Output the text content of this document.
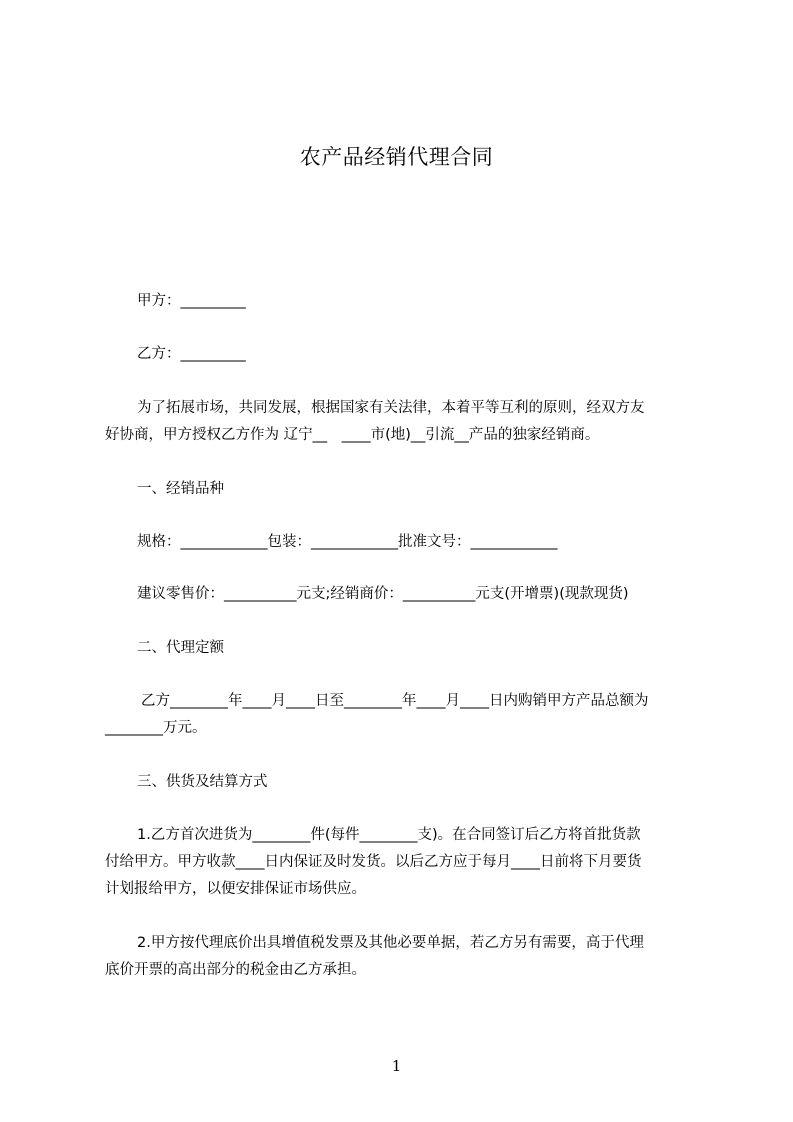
农产品经销代理合同
甲方：_________
乙方：_________
为了拓展市场，共同发展，根据国家有关法律，本着平等互利的原则，经双方友
好协商，甲方授权乙方作为 辽宁__　____市(地)__引流__产品的独家经销商。
一、经销品种
规格：____________包装：____________批准文号：____________
建议零售价：__________元支;经销商价：__________元支(开增票)(现款现货)
二、代理定额
乙方________年____月____日至________年____月____日内购销甲方产品总额为
________万元。
三、供货及结算方式
1.乙方首次进货为________件(每件________支)。在合同签订后乙方将首批货款
付给甲方。甲方收款____日内保证及时发货。以后乙方应于每月____日前将下月要货
计划报给甲方，以便安排保证市场供应。
2.甲方按代理底价出具增值税发票及其他必要单据，若乙方另有需要，高于代理
底价开票的高出部分的税金由乙方承担。
1
